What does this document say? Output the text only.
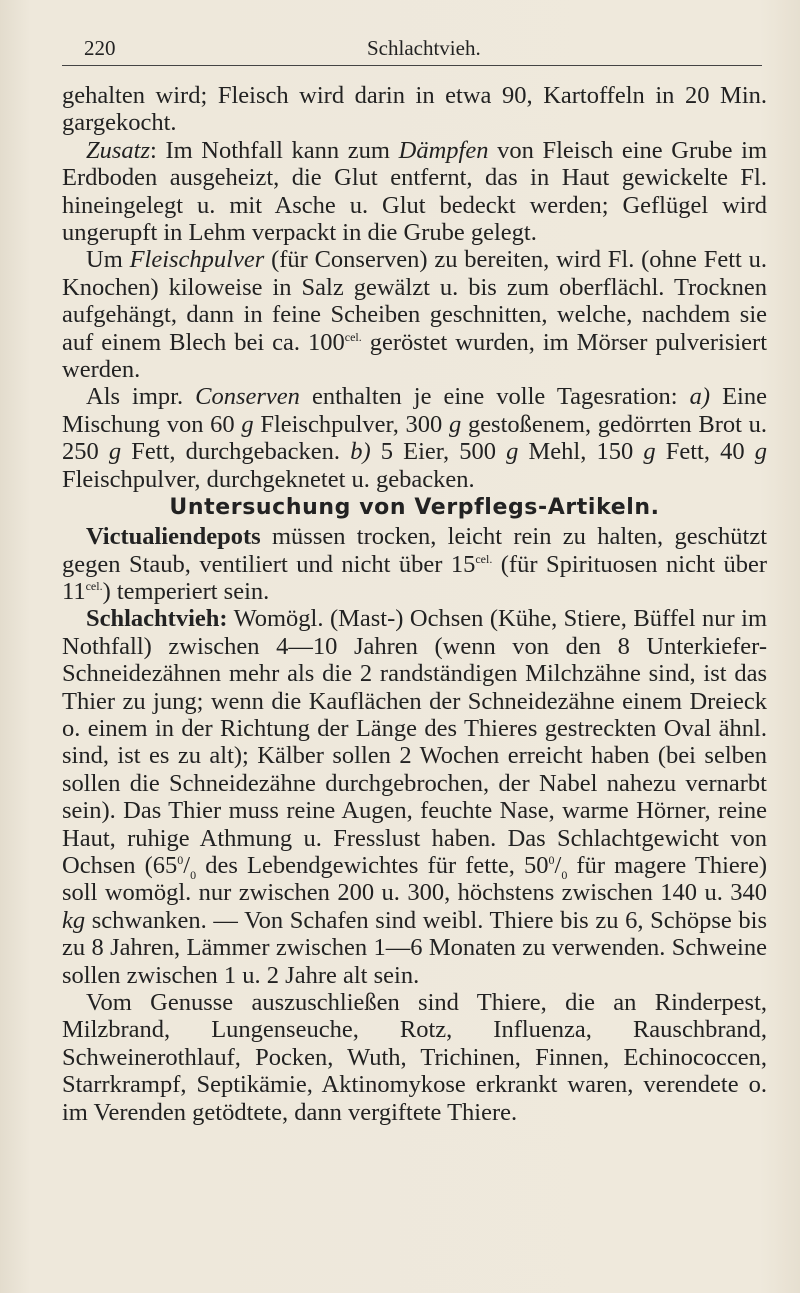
220	Schlachtvieh.

gehalten wird; Fleisch wird darin in etwa 90, Kartoffeln in 20 Min. gargekocht.

Zusatz: Im Nothfall kann zum Dämpfen von Fleisch eine Grube im Erdboden ausgeheizt, die Glut entfernt, das in Haut gewickelte Fl. hineingelegt u. mit Asche u. Glut bedeckt werden; Geflügel wird ungerupft in Lehm verpackt in die Grube gelegt.

Um Fleischpulver (für Conserven) zu bereiten, wird Fl. (ohne Fett u. Knochen) kiloweise in Salz gewälzt u. bis zum oberflächl. Trocknen aufgehängt, dann in feine Scheiben geschnitten, welche, nachdem sie auf einem Blech bei ca. $100^{cel.}$ geröstet wurden, im Mörser pulverisiert werden.

Als impr. Conserven enthalten je eine volle Tagesration: a) Eine Mischung von 60 g Fleischpulver, 300 g gestoßenem, gedörrten Brot u. 250 g Fett, durchgebacken. b) 5 Eier, 500 g Mehl, 150 g Fett, 40 g Fleischpulver, durchgeknetet u. gebacken.

Untersuchung von Verpflegs-Artikeln.

Victualiendepots müssen trocken, leicht rein zu halten, geschützt gegen Staub, ventiliert und nicht über $15^{cel.}$ (für Spirituosen nicht über $11^{cel.}$) temperiert sein.

Schlachtvieh: Womögl. (Mast-) Ochsen (Kühe, Stiere, Büffel nur im Nothfall) zwischen 4—10 Jahren (wenn von den 8 Unterkiefer-Schneidezähnen mehr als die 2 randständigen Milchzähne sind, ist das Thier zu jung; wenn die Kauflächen der Schneidezähne einem Dreieck o. einem in der Richtung der Länge des Thieres gestreckten Oval ähnl. sind, ist es zu alt); Kälber sollen 2 Wochen erreicht haben (bei selben sollen die Schneidezähne durchgebrochen, der Nabel nahezu vernarbt sein). Das Thier muss reine Augen, feuchte Nase, warme Hörner, reine Haut, ruhige Athmung u. Fresslust haben. Das Schlachtgewicht von Ochsen ($65^0/_0$ des Lebendgewichtes für fette, $50^0/_0$ für magere Thiere) soll womögl. nur zwischen 200 u. 300, höchstens zwischen 140 u. 340 kg schwanken. — Von Schafen sind weibl. Thiere bis zu 6, Schöpse bis zu 8 Jahren, Lämmer zwischen 1—6 Monaten zu verwenden. Schweine sollen zwischen 1 u. 2 Jahre alt sein.

Vom Genusse auszuschließen sind Thiere, die an Rinderpest, Milzbrand, Lungenseuche, Rotz, Influenza, Rauschbrand, Schweinerothlauf, Pocken, Wuth, Trichinen, Finnen, Echinococcen, Starrkrampf, Septikämie, Aktinomykose erkrankt waren, verendete o. im Verenden getödtete, dann vergiftete Thiere.
